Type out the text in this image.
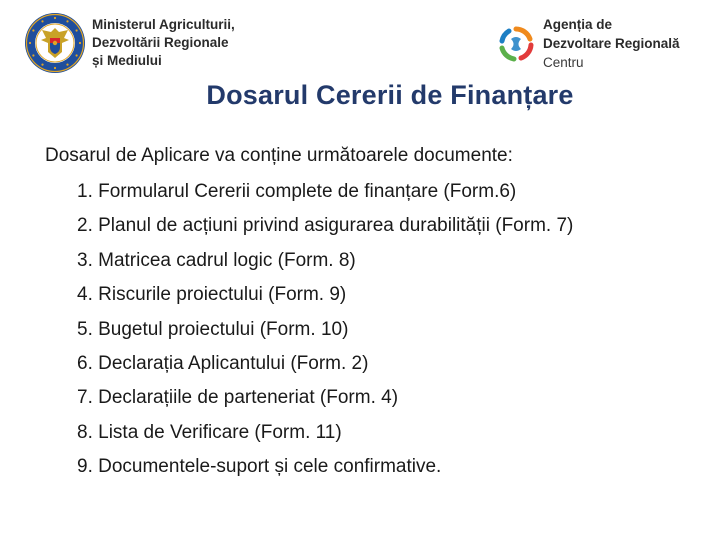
Ministerul Agriculturii,
Dezvoltării Regionale
și Mediului
Agenția de
Dezvoltare Regională
Centru
Dosarul Cererii de Finanțare
Dosarul de Aplicare va conține următoarele documente:
1. Formularul Cererii complete de finanțare (Form.6)
2. Planul de acțiuni privind asigurarea durabilității (Form. 7)
3. Matricea cadrul logic (Form. 8)
4. Riscurile proiectului (Form. 9)
5. Bugetul proiectului (Form. 10)
6. Declarația Aplicantului (Form. 2)
7. Declarațiile de parteneriat (Form. 4)
8. Lista de Verificare (Form. 11)
9. Documentele-suport și cele confirmative.
